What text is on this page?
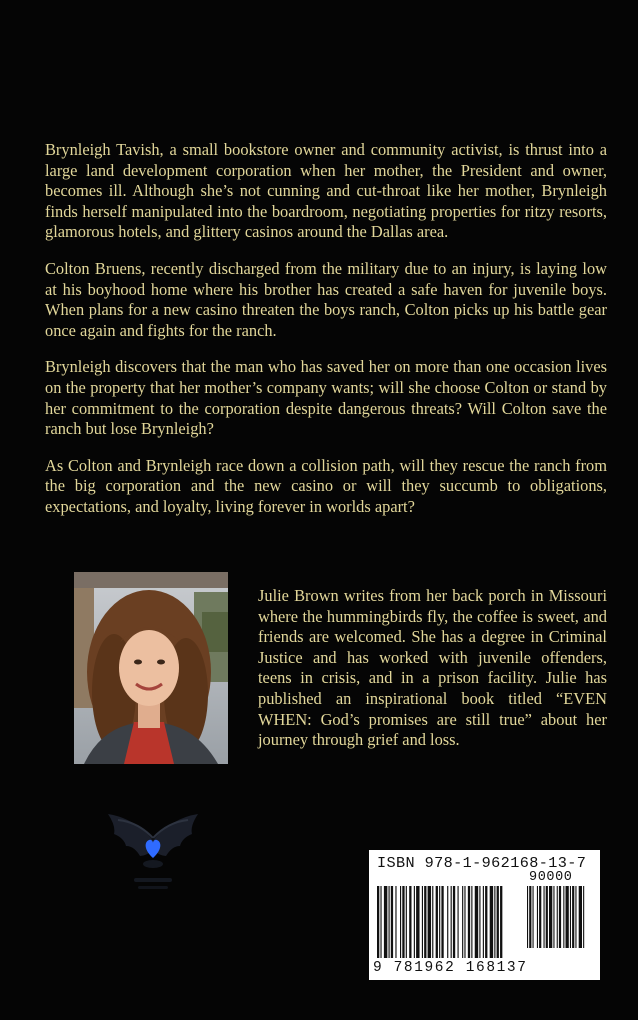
Brynleigh Tavish, a small bookstore owner and community activist, is thrust into a large land development corporation when her mother, the President and owner, becomes ill. Although she’s not cunning and cut-throat like her mother, Brynleigh finds herself manipulated into the boardroom, negotiating properties for ritzy resorts, glamorous hotels, and glittery casinos around the Dallas area.

Colton Bruens, recently discharged from the military due to an injury, is laying low at his boyhood home where his brother has created a safe haven for juvenile boys. When plans for a new casino threaten the boys ranch, Colton picks up his battle gear once again and fights for the ranch.

Brynleigh discovers that the man who has saved her on more than one occasion lives on the property that her mother’s company wants; will she choose Colton or stand by her commitment to the corporation despite dangerous threats? Will Colton save the ranch but lose Brynleigh?

As Colton and Brynleigh race down a collision path, will they rescue the ranch from the big corporation and the new casino or will they succumb to obligations, expectations, and loyalty, living forever in worlds apart?

Julie Brown writes from her back porch in Missouri where the hummingbirds fly, the coffee is sweet, and friends are welcomed. She has a degree in Criminal Justice and has worked with juvenile offenders, teens in crisis, and in a prison facility. Julie has published an inspirational book titled “EVEN WHEN: God’s promises are still true” about her journey through grief and loss.
ISBN 978-1-962168-13-7
90000
9 781962 168137
